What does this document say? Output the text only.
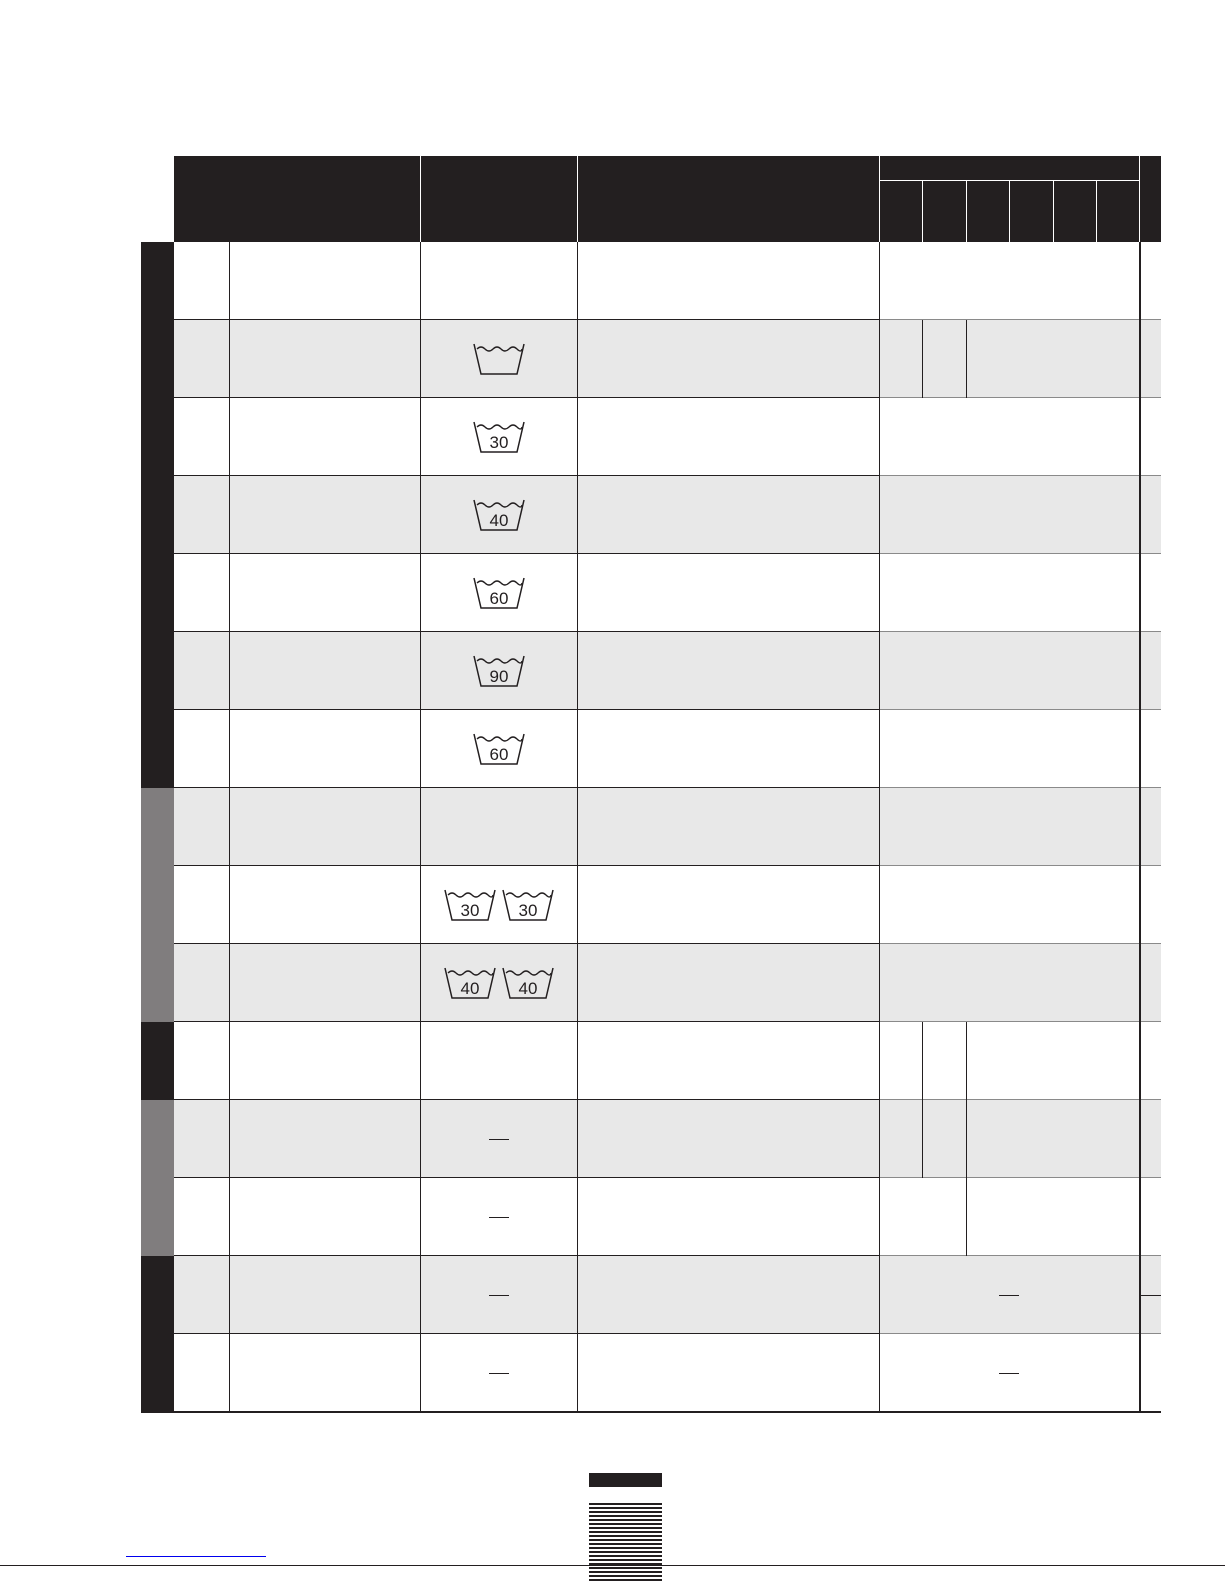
30
40
60
90
60
30 30
40 40
